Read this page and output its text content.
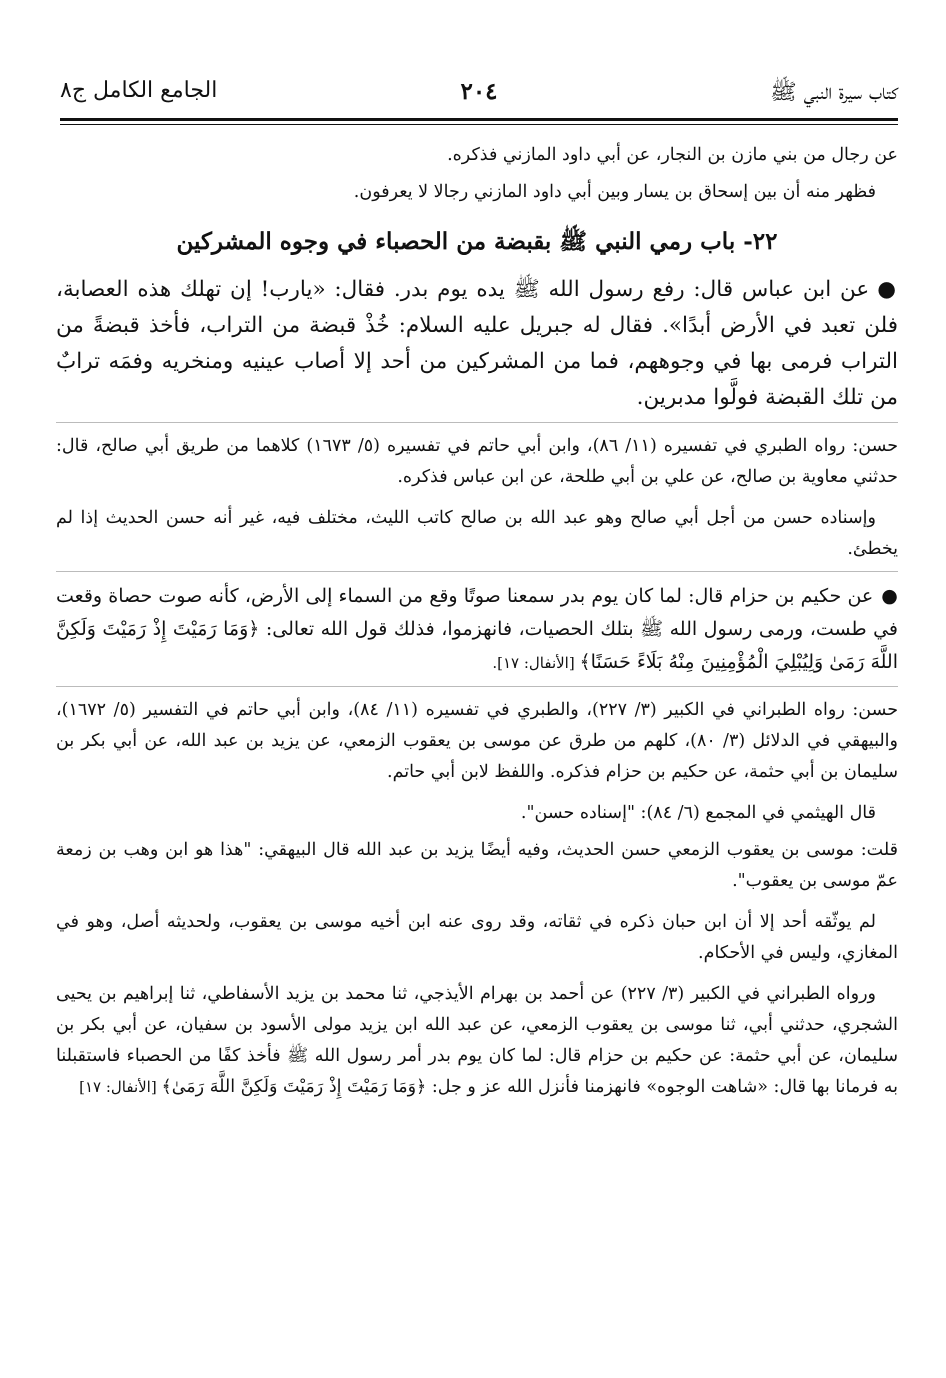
كتاب سيرة النبي ﷺ
٢٠٤
الجامع الكامل ج٨

عن رجال من بني مازن بن النجار، عن أبي داود المازني فذكره.

فظهر منه أن بين إسحاق بن يسار وبين أبي داود المازني رجالا لا يعرفون.

٢٢- باب رمي النبي ﷺ بقبضة من الحصباء في وجوه المشركين

●عن ابن عباس قال: رفع رسول الله ﷺ يده يوم بدر. فقال: «يارب! إن تهلك هذه العصابة، فلن تعبد في الأرض أبدًا». فقال له جبريل عليه السلام: خُذْ قبضة من التراب، فأخذ قبضةً من التراب فرمى بها في وجوههم، فما من المشركين من أحد إلا أصاب عينيه ومنخريه وفمَه ترابٌ من تلك القبضة فولَّوا مدبرين.

حسن: رواه الطبري في تفسيره (١١/ ٨٦)، وابن أبي حاتم في تفسيره (٥/ ١٦٧٣) كلاهما من طريق أبي صالح، قال: حدثني معاوية بن صالح، عن علي بن أبي طلحة، عن ابن عباس فذكره.

وإسناده حسن من أجل أبي صالح وهو عبد الله بن صالح كاتب الليث، مختلف فيه، غير أنه حسن الحديث إذا لم يخطئ.

●عن حكيم بن حزام قال: لما كان يوم بدر سمعنا صوتًا وقع من السماء إلى الأرض، كأنه صوت حصاة وقعت في طست، ورمى رسول الله ﷺ بتلك الحصيات، فانهزموا، فذلك قول الله تعالى: ﴿وَمَا رَمَيْتَ إِذْ رَمَيْتَ وَلَكِنَّ اللَّهَ رَمَىٰ وَلِيُبْلِيَ الْمُؤْمِنِينَ مِنْهُ بَلَاءً حَسَنًا﴾ [الأنفال: ١٧].

حسن: رواه الطبراني في الكبير (٣/ ٢٢٧)، والطبري في تفسيره (١١/ ٨٤)، وابن أبي حاتم في التفسير (٥/ ١٦٧٢)، والبيهقي في الدلائل (٣/ ٨٠)، كلهم من طرق عن موسى بن يعقوب الزمعي، عن يزيد بن عبد الله، عن أبي بكر بن سليمان بن أبي حثمة، عن حكيم بن حزام فذكره. واللفظ لابن أبي حاتم.

قال الهيثمي في المجمع (٦/ ٨٤): "إسناده حسن".

قلت: موسى بن يعقوب الزمعي حسن الحديث، وفيه أيضًا يزيد بن عبد الله قال البيهقي: "هذا هو ابن وهب بن زمعة عمّ موسى بن يعقوب".

لم يوثّقه أحد إلا أن ابن حبان ذكره في ثقاته، وقد روى عنه ابن أخيه موسى بن يعقوب، ولحديثه أصل، وهو في المغازي، وليس في الأحكام.

ورواه الطبراني في الكبير (٣/ ٢٢٧) عن أحمد بن بهرام الأيذجي، ثنا محمد بن يزيد الأسفاطي، ثنا إبراهيم بن يحيى الشجري، حدثني أبي، ثنا موسى بن يعقوب الزمعي، عن عبد الله ابن يزيد مولى الأسود بن سفيان، عن أبي بكر بن سليمان، عن أبي حثمة: عن حكيم بن حزام قال: لما كان يوم بدر أمر رسول الله ﷺ فأخذ كفًا من الحصباء فاستقبلنا به فرمانا بها قال: «شاهت الوجوه» فانهزمنا فأنزل الله عز و جل: ﴿وَمَا رَمَيْتَ إِذْ رَمَيْتَ وَلَكِنَّ اللَّهَ رَمَىٰ﴾ [الأنفال: ١٧]
